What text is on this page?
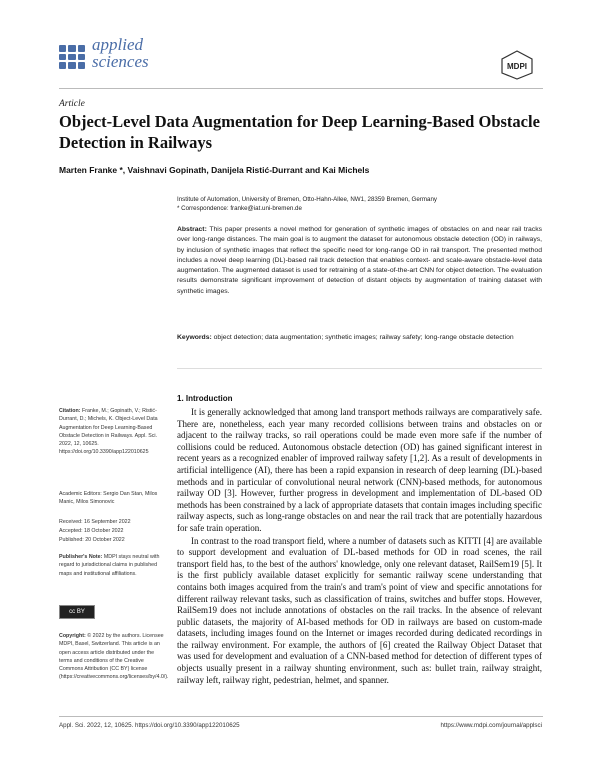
applied
sciences	MDPI
Article
Object-Level Data Augmentation for Deep Learning-Based Obstacle Detection in Railways
Marten Franke *, Vaishnavi Gopinath, Danijela Ristić-Durrant and Kai Michels
Institute of Automation, University of Bremen, Otto-Hahn-Allee, NW1, 28359 Bremen, Germany
* Correspondence: franke@iat.uni-bremen.de
Abstract: This paper presents a novel method for generation of synthetic images of obstacles on and near rail tracks over long-range distances. The main goal is to augment the dataset for autonomous obstacle detection (OD) in railways, by inclusion of synthetic images that reflect the specific need for long-range OD in rail transport. The presented method includes a novel deep learning (DL)-based rail track detection that enables context- and scale-aware obstacle-level data augmentation. The augmented dataset is used for retraining of a state-of-the-art CNN for object detection. The evaluation results demonstrate significant improvement of detection of distant objects by augmentation of training dataset with synthetic images.
Keywords: object detection; data augmentation; synthetic images; railway safety; long-range obstacle detection
Citation: Franke, M.; Gopinath, V.; Ristić-Durrant, D.; Michels, K. Object-Level Data Augmentation for Deep Learning-Based Obstacle Detection in Railways. Appl. Sci. 2022, 12, 10625. https://doi.org/10.3390/app122010625
Academic Editors: Sergio Dan Stan, Milos Manic, Milos Simonovic
Received: 16 September 2022
Accepted: 18 October 2022
Published: 20 October 2022
Publisher's Note: MDPI stays neutral with regard to jurisdictional claims in published maps and institutional affiliations.
cc BY
Copyright: © 2022 by the authors. Licensee MDPI, Basel, Switzerland. This article is an open access article distributed under the terms and conditions of the Creative Commons Attribution (CC BY) license (https://creativecommons.org/licenses/by/4.0/).
1. Introduction

It is generally acknowledged that among land transport methods railways are comparatively safe. There are, nonetheless, each year many recorded collisions between trains and obstacles on or adjacent to the railway tracks, so rail operations could be made even more safe if the number of collisions could be reduced. Autonomous obstacle detection (OD) has gained significant interest in recent years as a recognized enabler of improved railway safety [1,2]. As a result of developments in artificial intelligence (AI), there has been a rapid expansion in research of deep learning (DL)-based methods and in particular of convolutional neural network (CNN)-based methods, for autonomous railway OD [3]. However, further progress in development and implementation of DL-based OD methods has been constrained by a lack of appropriate datasets that contain images including specific railway aspects, such as long-range obstacles on and near the rail track that are potentially hazardous for safe train operation.

In contrast to the road transport field, where a number of datasets such as KITTI [4] are available to support development and evaluation of DL-based methods for OD in road scenes, the rail transport field has, to the best of the authors' knowledge, only one relevant dataset, RailSem19 [5]. It is the first publicly available dataset explicitly for semantic railway scene understanding that contains both images acquired from the train's and tram's point of view and specific annotations for different railway relevant tasks, such as classification of trains, switches and buffer stops. However, RailSem19 does not include annotations of obstacles on the rail tracks. In the absence of relevant public datasets, the majority of AI-based methods for OD in railways are based on custom-made datasets, including images found on the Internet or images recorded during dedicated recordings in the railway environment. For example, the authors of [6] created the Railway Object Dataset that was used for development and evaluation of a CNN-based method for detection of different types of objects usually present in a railway shunting environment, such as: bullet train, railway straight, railway left, railway right, pedestrian, helmet, and spanner.

Appl. Sci. 2022, 12, 10625. https://doi.org/10.3390/app122010625	https://www.mdpi.com/journal/applsci
